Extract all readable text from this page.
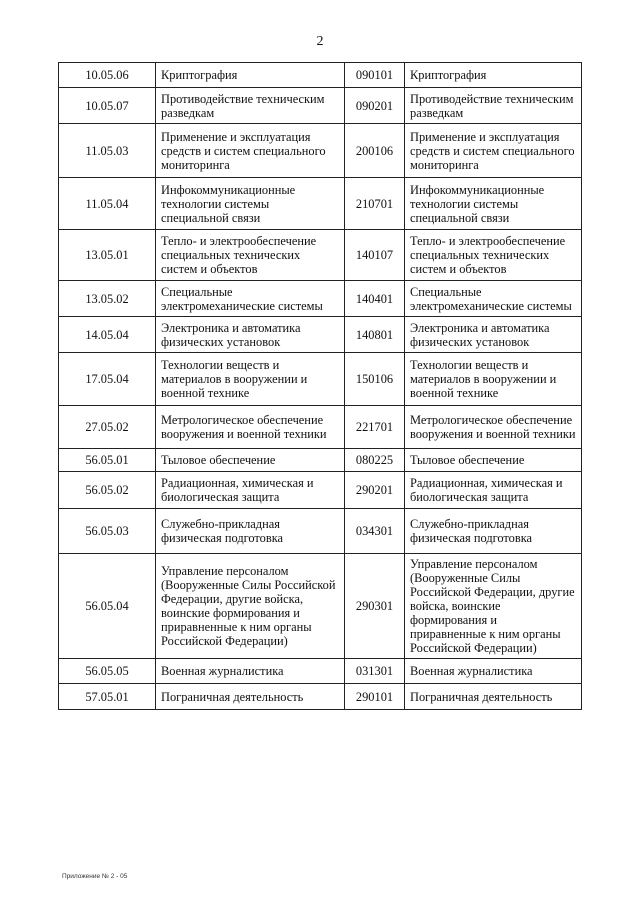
2
10.05.06	Криптография	090101	Криптография
10.05.07	Противодействие техническим разведкам	090201	Противодействие техническим разведкам
11.05.03	Применение и эксплуатация средств и систем специального мониторинга	200106	Применение и эксплуатация средств и систем специального мониторинга
11.05.04	Инфокоммуникационные технологии системы специальной связи	210701	Инфокоммуникационные технологии системы специальной связи
13.05.01	Тепло- и электрообеспечение специальных технических систем и объектов	140107	Тепло- и электрообеспечение специальных технических систем и объектов
13.05.02	Специальные электромеханические системы	140401	Специальные электромеханические системы
14.05.04	Электроника и автоматика физических установок	140801	Электроника и автоматика физических установок
17.05.04	Технологии веществ и материалов в вооружении и военной технике	150106	Технологии веществ и материалов в вооружении и военной технике
27.05.02	Метрологическое обеспечение вооружения и военной техники	221701	Метрологическое обеспечение вооружения и военной техники
56.05.01	Тыловое обеспечение	080225	Тыловое обеспечение
56.05.02	Радиационная, химическая и биологическая защита	290201	Радиационная, химическая и биологическая защита
56.05.03	Служебно-прикладная физическая подготовка	034301	Служебно-прикладная физическая подготовка
56.05.04	Управление персоналом (Вооруженные Силы Российской Федерации, другие войска, воинские формирования и приравненные к ним органы Российской Федерации)	290301	Управление персоналом (Вооруженные Силы Российской Федерации, другие войска, воинские формирования и приравненные к ним органы Российской Федерации)
56.05.05	Военная журналистика	031301	Военная журналистика
57.05.01	Пограничная деятельность	290101	Пограничная деятельность
Приложение № 2 - 05
